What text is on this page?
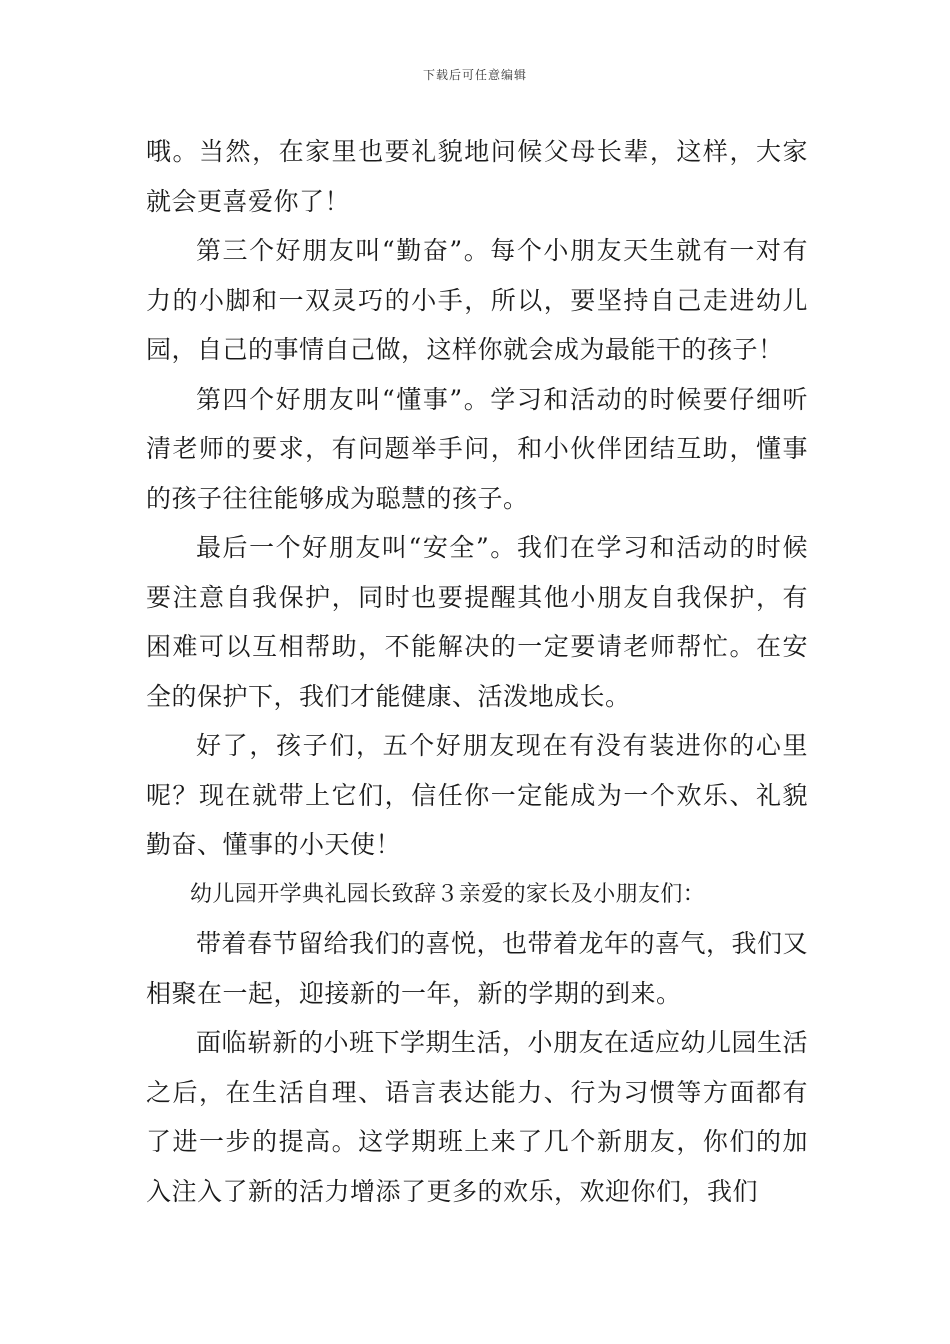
下载后可任意编辑

哦。当然，在家里也要礼貌地问候父母长辈，这样，大家就会更喜爱你了！

第三个好朋友叫“勤奋”。每个小朋友天生就有一对有力的小脚和一双灵巧的小手，所以，要坚持自己走进幼儿园，自己的事情自己做，这样你就会成为最能干的孩子！

第四个好朋友叫“懂事”。学习和活动的时候要仔细听清老师的要求，有问题举手问，和小伙伴团结互助，懂事的孩子往往能够成为聪慧的孩子。

最后一个好朋友叫“安全”。我们在学习和活动的时候要注意自我保护，同时也要提醒其他小朋友自我保护，有困难可以互相帮助，不能解决的一定要请老师帮忙。在安全的保护下，我们才能健康、活泼地成长。

好了，孩子们，五个好朋友现在有没有装进你的心里呢？现在就带上它们，信任你一定能成为一个欢乐、礼貌勤奋、懂事的小天使！

幼儿园开学典礼园长致辞３亲爱的家长及小朋友们：

带着春节留给我们的喜悦，也带着龙年的喜气，我们又相聚在一起，迎接新的一年，新的学期的到来。

面临崭新的小班下学期生活，小朋友在适应幼儿园生活之后，在生活自理、语言表达能力、行为习惯等方面都有了进一步的提高。这学期班上来了几个新朋友，你们的加入注入了新的活力增添了更多的欢乐，欢迎你们，我们
